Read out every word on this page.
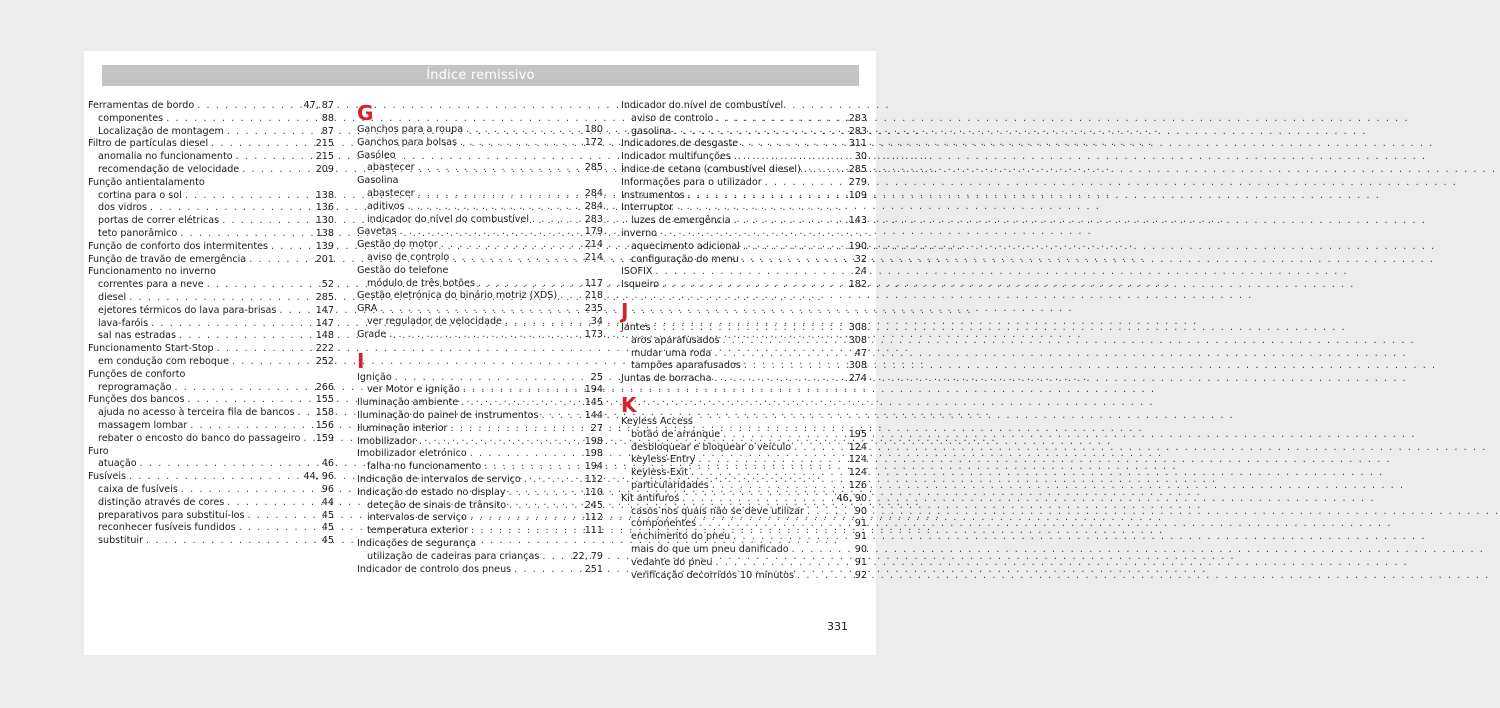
Índice remissivo
Ferramentas de bordo . . .	47, 87
componentes . . .	88
Localização de montagem . . .	87
Filtro de partículas diesel . . .	215
anomalia no funcionamento . . .	215
recomendação de velocidade . . .	209
Função antientalamento
cortina para o sol . . .	138
dos vidros . . .	136
portas de correr elétricas . . .	130
teto panorâmico . . .	138
Função de conforto dos intermitentes . . .	139
Função de travão de emergência . . .	201
Funcionamento no inverno
correntes para a neve . . .	52
diesel . . .	285
ejetores térmicos do lava para-brisas . . .	147
lava-faróis . . .	147
sal nas estradas . . .	148
Funcionamento Start-Stop . . .	222
em condução com reboque . . .	252
Funções de conforto
reprogramação . . .	266
Funções dos bancos . . .	155
ajuda no acesso à terceira fila de bancos . . . 158
massagem lombar . . .	156
rebater o encosto do banco do passageiro . . . 159
Furo
atuação . . .	46
Fusíveis . . .	44, 96
caixa de fusíveis . . .	96
distinção através de cores . . .	44
preparativos para substituí-los . . .	45
reconhecer fusíveis fundidos . . .	45
substituir . . .	45
G
Ganchos para a roupa . . .	180
Ganchos para bolsas . . .	172
Gasóleo
abastecer . . .	285
Gasolina
abastecer . . .	284
aditivos . . .	284
indicador do nível do combustível . . .	283
Gavetas . . .	179
Gestão do motor . . .	214
aviso de controlo . . .	214
Gestão do telefone
módulo de três botões . . .	117
Gestão eletrónica do binário motriz (XDS) . . .	218
GRA . . .	235
ver regulador de velocidade . . .	34
Grade . . .	173
I
Ignição . . .	25
ver Motor e ignição . . .	194
Iluminação ambiente . . .	145
Iluminação do painel de instrumentos . . .	144
Iluminação interior . . .	27
Imobilizador . . .	198
Imobilizador eletrónico . . .	198
falha no funcionamento . . .	194
Indicação de intervalos de serviço . . .	112
Indicação do estado no display . . .	110
deteção de sinais de trânsito . . .	245
intervalos de serviço . . .	112
temperatura exterior . . .	111
Indicações de segurança
utilização de cadeiras para crianças . . .	22, 79
Indicador de controlo dos pneus . . .	251
Indicador do nível de combustível
aviso de controlo . . .	283
gasolina . . .	283
Indicadores de desgaste . . .	311
Indicador multifunções . . .	30
Índice de cetano (combustível diesel) . . .	285
Informações para o utilizador . . .	279
Instrumentos . . .	109
Interruptor
luzes de emergência . . .	143
inverno
aquecimento adicional . . .	190
configuração do menu . . .	32
ISOFIX . . .	24
Isqueiro . . .	182
J
Jantes . . .	308
aros aparafusados . . .	308
mudar uma roda . . .	47
tampões aparafusados . . .	308
Juntas de borracha . . .	274
K
Keyless Access
botão de arranque . . .	195
desbloquear e bloquear o veículo . . .	124
keyless-Entry . . .	124
keyless-Exit . . .	124
particularidades . . .	126
Kit antifuros . . .	46, 90
casos nos quais não se deve utilizar . . .	90
componentes . . .	91
enchimento do pneu . . .	91
mais do que um pneu danificado . . .	90
vedante do pneu . . .	91
verificação decorridos 10 minutos . . .	92
331
